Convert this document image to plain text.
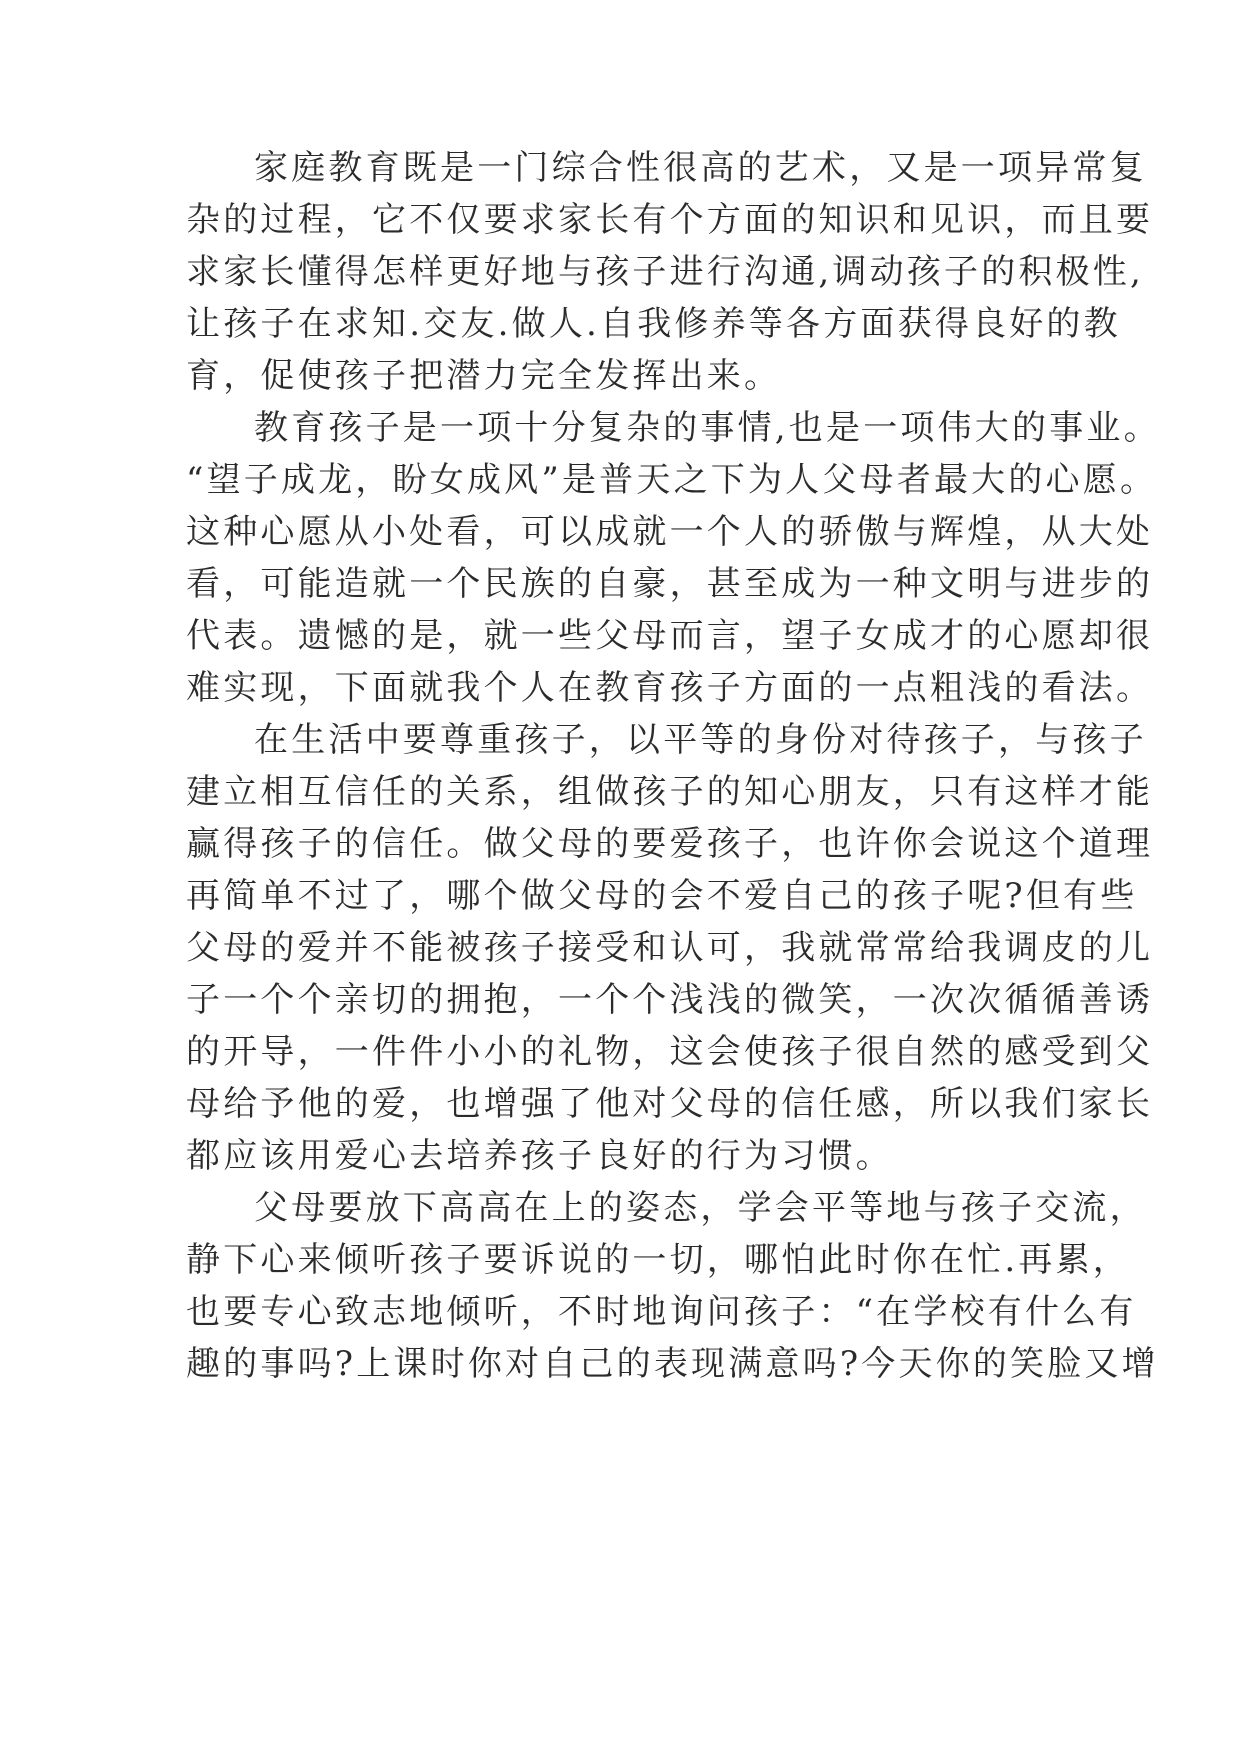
家庭教育既是一门综合性很高的艺术，又是一项异常复
杂的过程，它不仅要求家长有个方面的知识和见识，而且要
求家长懂得怎样更好地与孩子进行沟通,调动孩子的积极性,
让孩子在求知.交友.做人.自我修养等各方面获得良好的教
育，促使孩子把潜力完全发挥出来。
教育孩子是一项十分复杂的事情,也是一项伟大的事业。
“望子成龙，盼女成风”是普天之下为人父母者最大的心愿。
这种心愿从小处看，可以成就一个人的骄傲与辉煌，从大处
看，可能造就一个民族的自豪，甚至成为一种文明与进步的
代表。遗憾的是，就一些父母而言，望子女成才的心愿却很
难实现，下面就我个人在教育孩子方面的一点粗浅的看法。
在生活中要尊重孩子，以平等的身份对待孩子，与孩子
建立相互信任的关系，组做孩子的知心朋友，只有这样才能
赢得孩子的信任。做父母的要爱孩子，也许你会说这个道理
再简单不过了，哪个做父母的会不爱自己的孩子呢?但有些
父母的爱并不能被孩子接受和认可，我就常常给我调皮的儿
子一个个亲切的拥抱，一个个浅浅的微笑，一次次循循善诱
的开导，一件件小小的礼物，这会使孩子很自然的感受到父
母给予他的爱，也增强了他对父母的信任感，所以我们家长
都应该用爱心去培养孩子良好的行为习惯。
父母要放下高高在上的姿态，学会平等地与孩子交流，
静下心来倾听孩子要诉说的一切，哪怕此时你在忙.再累，
也要专心致志地倾听，不时地询问孩子：“在学校有什么有
趣的事吗?上课时你对自己的表现满意吗?今天你的笑脸又增
